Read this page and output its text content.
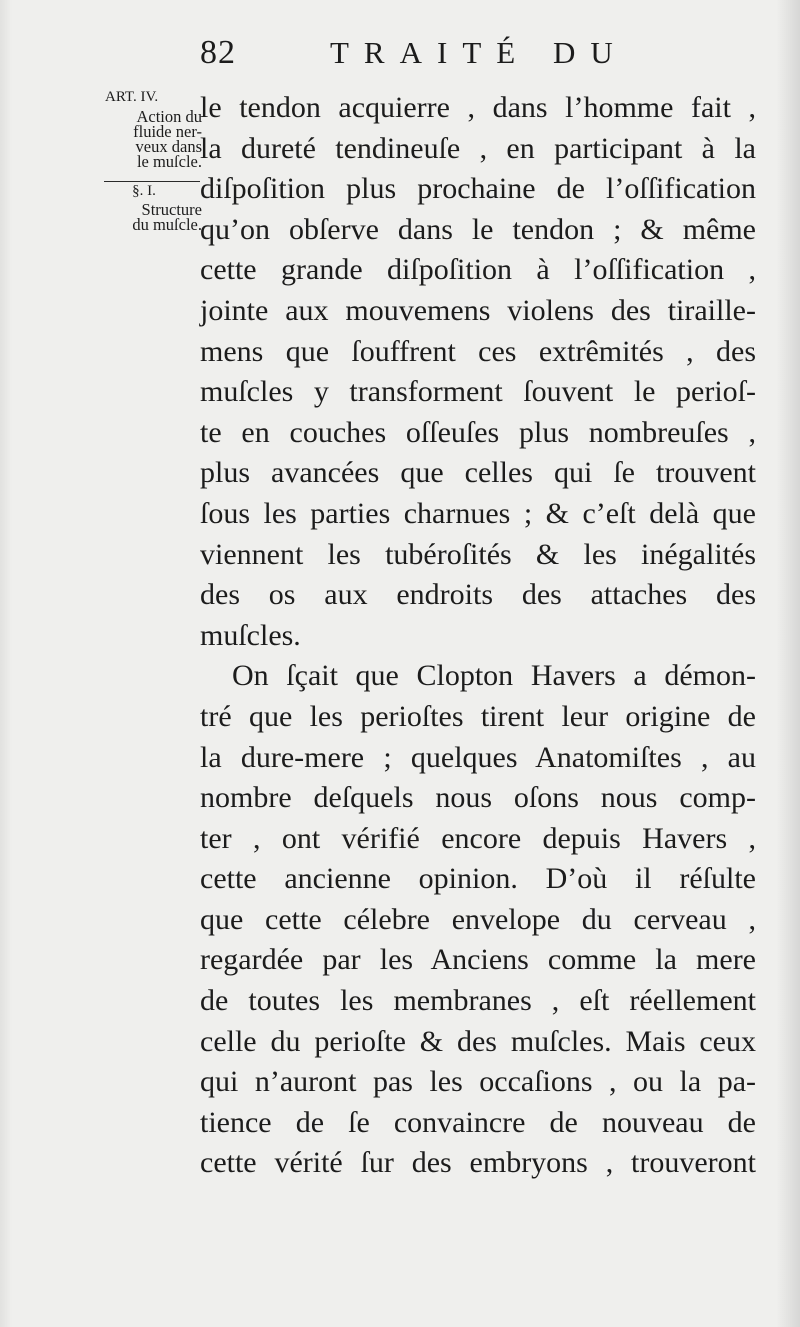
82	TRAITÉ DU
ART. IV.
Action du
fluide ner-
veux dans
le muſcle.
§. I.
Structure
du muſcle.
le tendon acquierre , dans l’homme fait ,
la dureté tendineuſe , en participant à la
diſpoſition plus prochaine de l’oſſification
qu’on obſerve dans le tendon ; & même
cette grande diſpoſition à l’oſſification ,
jointe aux mouvemens violens des tiraille-
mens que ſouffrent ces extrêmités , des
muſcles y transforment ſouvent le perioſ-
te en couches oſſeuſes plus nombreuſes ,
plus avancées que celles qui ſe trouvent
ſous les parties charnues ; & c’eſt delà que
viennent les tubéroſités & les inégalités
des os aux endroits des attaches des
muſcles.
On ſçait que Clopton Havers a démon-
tré que les perioſtes tirent leur origine de
la dure-mere ; quelques Anatomiſtes , au
nombre deſquels nous oſons nous comp-
ter , ont vérifié encore depuis Havers ,
cette ancienne opinion. D’où il réſulte
que cette célebre envelope du cerveau ,
regardée par les Anciens comme la mere
de toutes les membranes , eſt réellement
celle du perioſte & des muſcles. Mais ceux
qui n’auront pas les occaſions , ou la pa-
tience de ſe convaincre de nouveau de
cette vérité ſur des embryons , trouveront
